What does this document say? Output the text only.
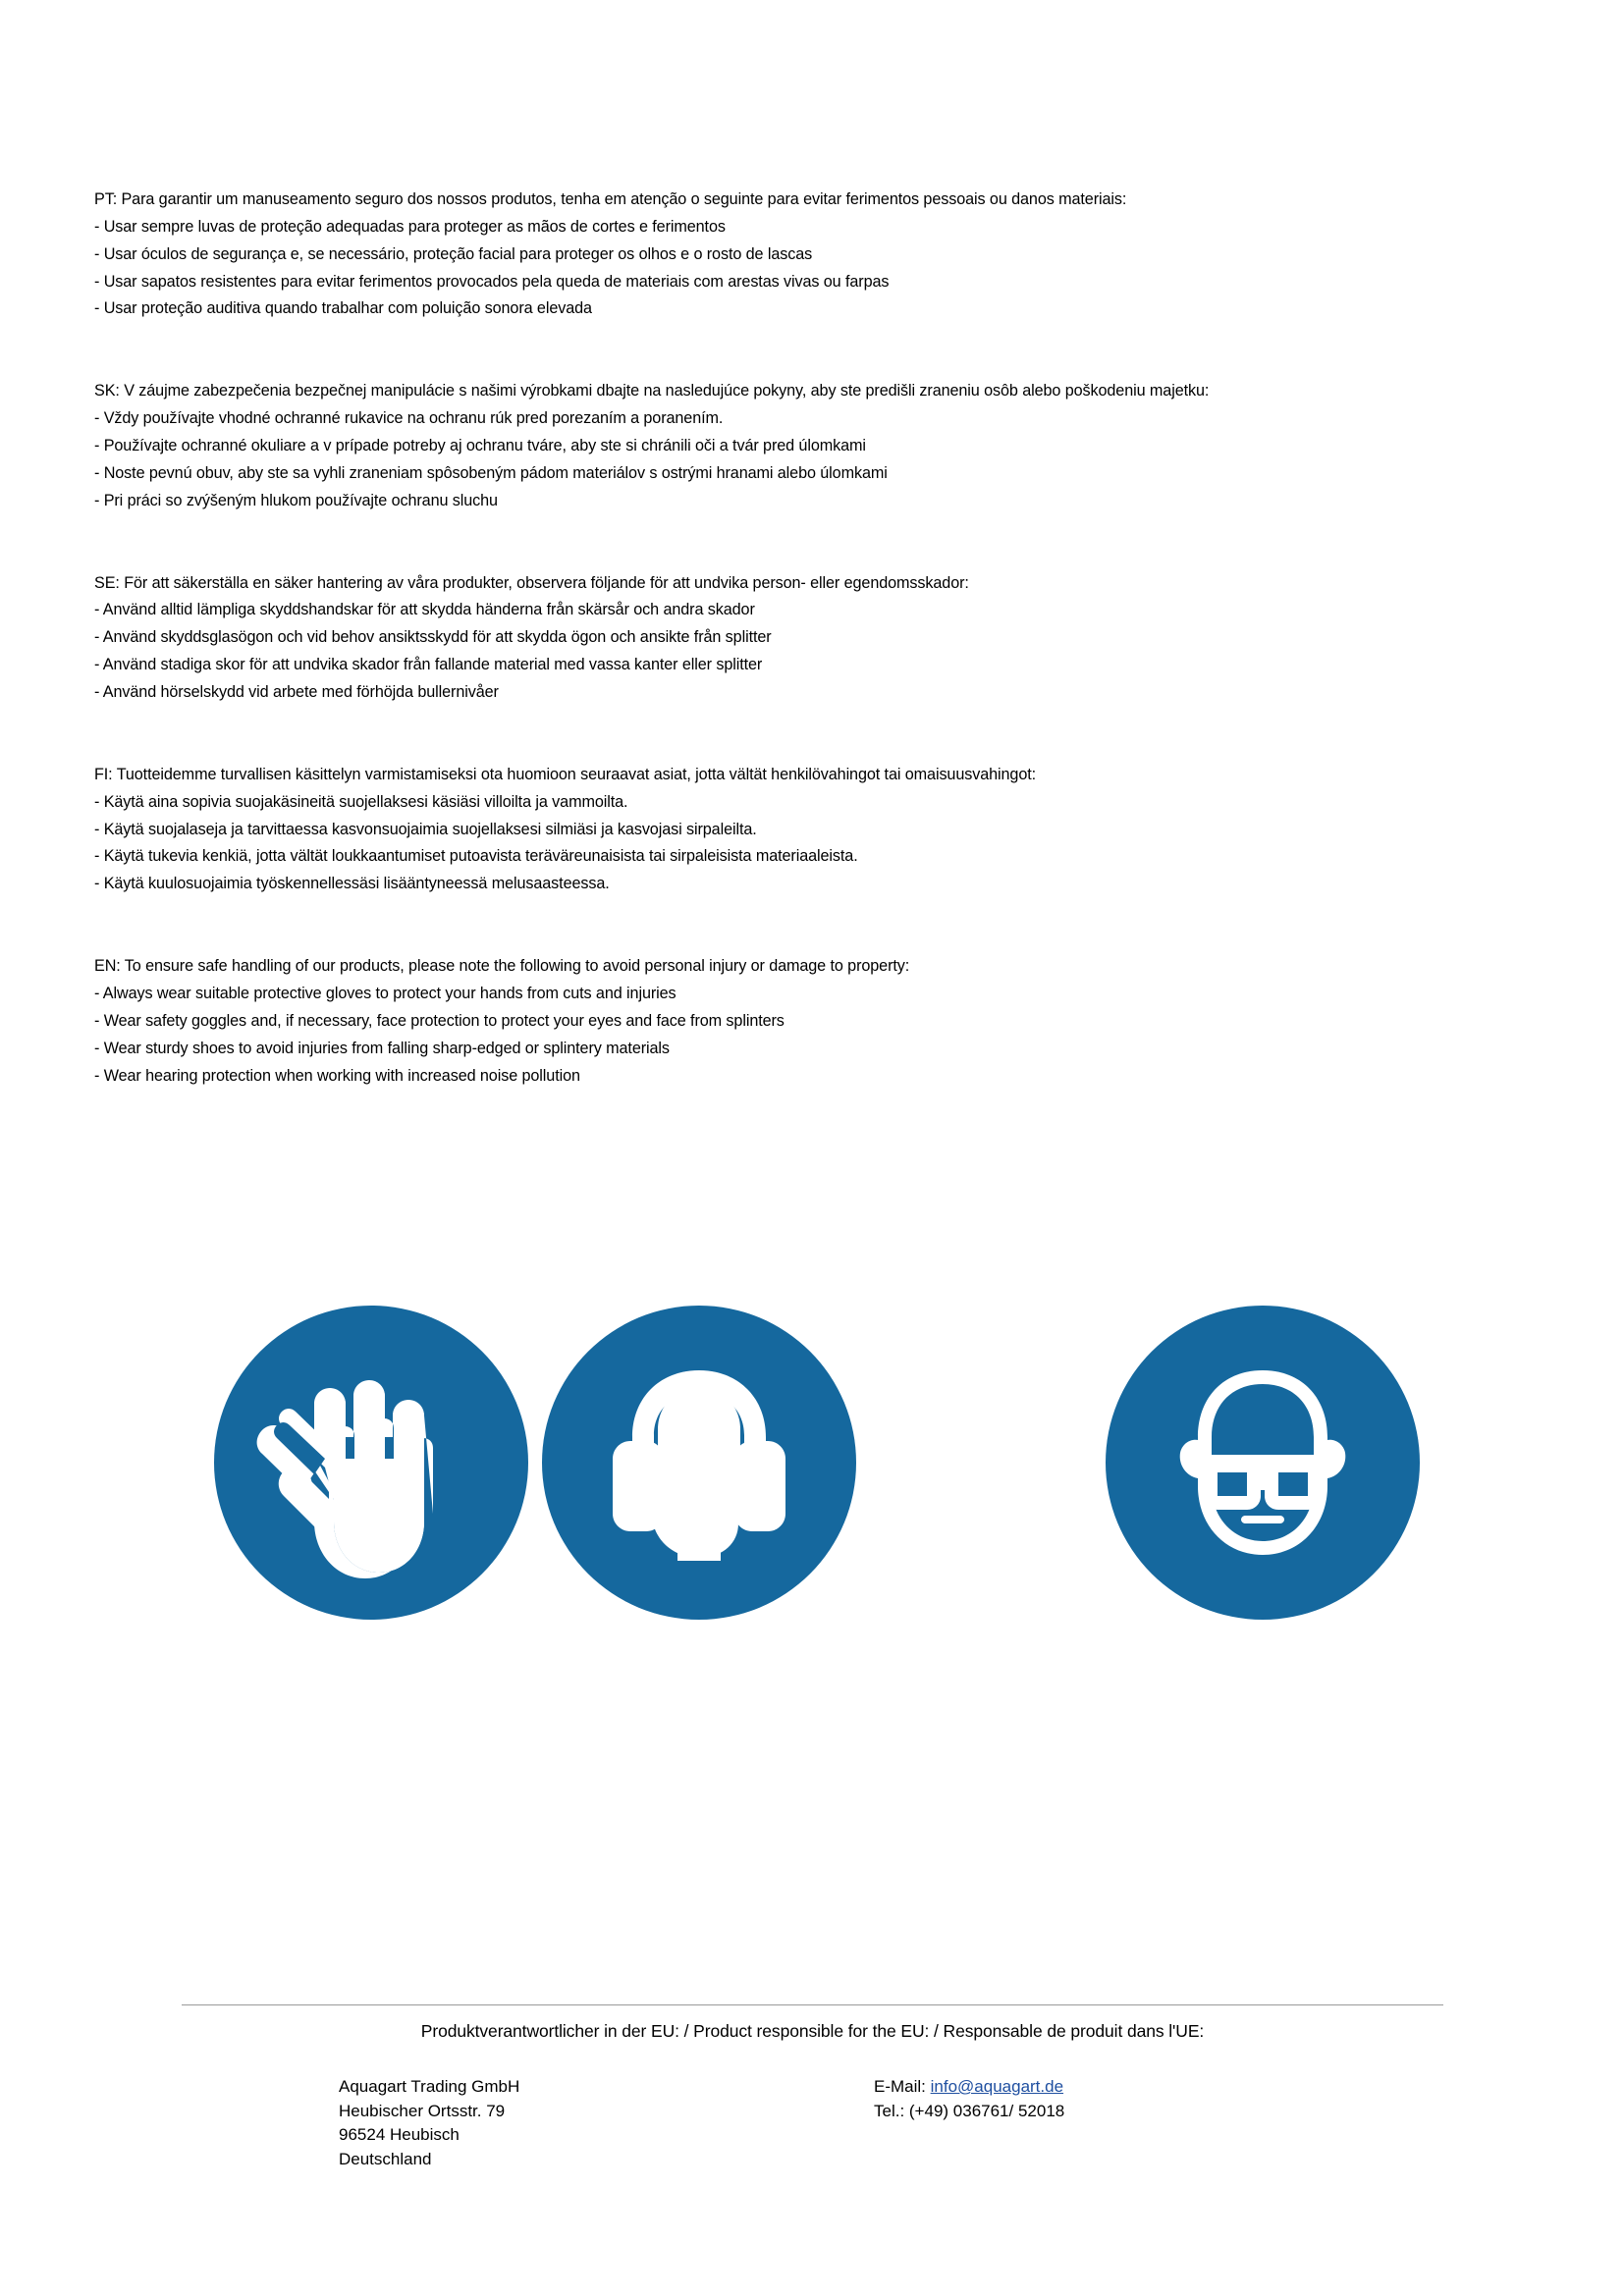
PT: Para garantir um manuseamento seguro dos nossos produtos, tenha em atenção o seguinte para evitar ferimentos pessoais ou danos materiais:

- Usar sempre luvas de proteção adequadas para proteger as mãos de cortes e ferimentos

- Usar óculos de segurança e, se necessário, proteção facial para proteger os olhos e o rosto de lascas

- Usar sapatos resistentes para evitar ferimentos provocados pela queda de materiais com arestas vivas ou farpas

- Usar proteção auditiva quando trabalhar com poluição sonora elevada

SK: V záujme zabezpečenia bezpečnej manipulácie s našimi výrobkami dbajte na nasledujúce pokyny, aby ste predišli zraneniu osôb alebo poškodeniu majetku:

- Vždy používajte vhodné ochranné rukavice na ochranu rúk pred porezaním a poranením.

- Používajte ochranné okuliare a v prípade potreby aj ochranu tváre, aby ste si chránili oči a tvár pred úlomkami

- Noste pevnú obuv, aby ste sa vyhli zraneniam spôsobeným pádom materiálov s ostrými hranami alebo úlomkami

- Pri práci so zvýšeným hlukom používajte ochranu sluchu

SE: För att säkerställa en säker hantering av våra produkter, observera följande för att undvika person- eller egendomsskador:

- Använd alltid lämpliga skyddshandskar för att skydda händerna från skärsår och andra skador

- Använd skyddsglasögon och vid behov ansiktsskydd för att skydda ögon och ansikte från splitter

- Använd stadiga skor för att undvika skador från fallande material med vassa kanter eller splitter

- Använd hörselskydd vid arbete med förhöjda bullernivåer

FI: Tuotteidemme turvallisen käsittelyn varmistamiseksi ota huomioon seuraavat asiat, jotta vältät henkilövahingot tai omaisuusvahingot:

- Käytä aina sopivia suojakäsineitä suojellaksesi käsiäsi villoilta ja vammoilta.

- Käytä suojalaseja ja tarvittaessa kasvonsuojaimia suojellaksesi silmiäsi ja kasvojasi sirpaleilta.

- Käytä tukevia kenkiä, jotta vältät loukkaantumiset putoavista teräväreunaisista tai sirpaleisista materiaaleista.

- Käytä kuulosuojaimia työskennellessäsi lisääntyneessä melusaasteessa.

EN: To ensure safe handling of our products, please note the following to avoid personal injury or damage to property:

- Always wear suitable protective gloves to protect your hands from cuts and injuries

- Wear safety goggles and, if necessary, face protection to protect your eyes and face from splinters

- Wear sturdy shoes to avoid injuries from falling sharp-edged or splintery materials

- Wear hearing protection when working with increased noise pollution

Produktverantwortlicher in der EU: / Product responsible for the EU: / Responsable de produit dans l'UE:
Aquagart Trading GmbH
Heubischer Ortsstr. 79
96524 Heubisch
Deutschland
E-Mail: info@aquagart.de
Tel.: (+49) 036761/ 52018
